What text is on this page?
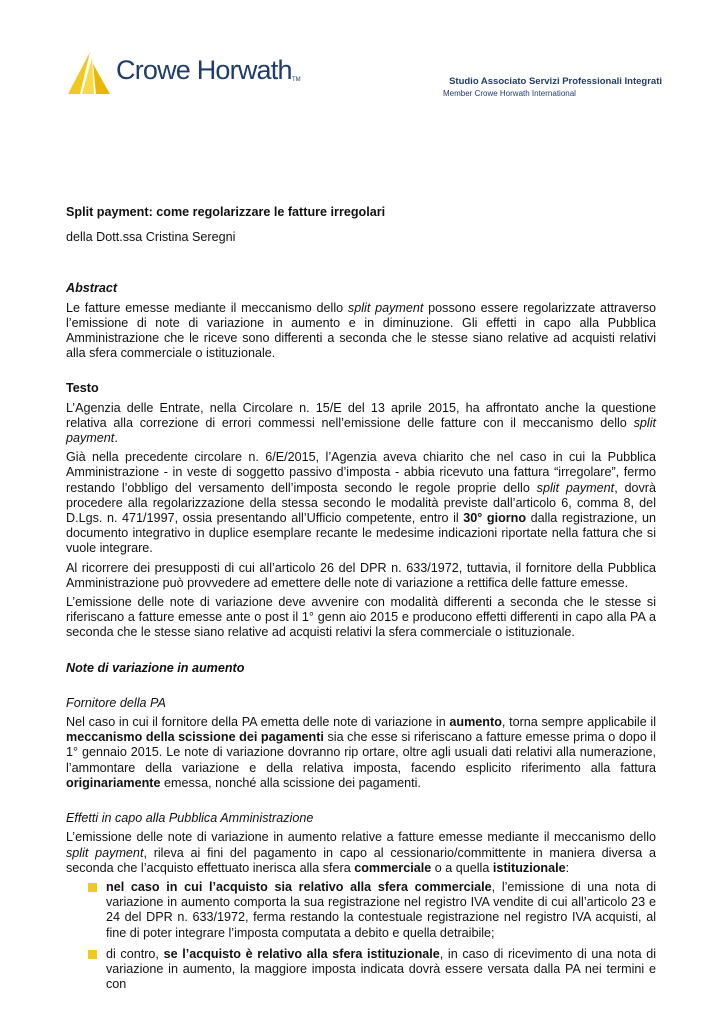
Crowe Horwath TM	Studio Associato Servizi Professionali Integrati
Member Crowe Horwath International

Split payment: come regolarizzare le fatture irregolari

della Dott.ssa Cristina Seregni

Abstract

Le fatture emesse mediante il meccanismo dello split payment possono essere regolarizzate attraverso l’emissione di note di variazione in aumento e in diminuzione. Gli effetti in capo alla Pubblica Amministrazione che le riceve sono differenti a seconda che le stesse siano relative ad acquisti relativi alla sfera commerciale o istituzionale.

Testo

L’Agenzia delle Entrate, nella Circolare n. 15/E del 13 aprile 2015, ha affrontato anche la questione relativa alla correzione di errori commessi nell’emissione delle fatture con il meccanismo dello split payment.

Già nella precedente circolare n. 6/E/2015, l’Agenzia aveva chiarito che nel caso in cui la Pubblica Amministrazione - in veste di soggetto passivo d’imposta - abbia ricevuto una fattura “irregolare”, fermo restando l’obbligo del versamento dell’imposta secondo le regole proprie dello split payment, dovrà procedere alla regolarizzazione della stessa secondo le modalità previste dall’articolo 6, comma 8, del D.Lgs. n. 471/1997, ossia presentando all’Ufficio competente, entro il 30° giorno dalla registrazione, un documento integrativo in duplice esemplare recante le medesime indicazioni riportate nella fattura che si vuole integrare.

Al ricorrere dei presupposti di cui all’articolo 26 del DPR n. 633/1972, tuttavia, il fornitore della Pubblica Amministrazione può provvedere ad emettere delle note di variazione a rettifica delle fatture emesse.

L’emissione delle note di variazione deve avvenire con modalità differenti a seconda che le stesse si riferiscano a fatture emesse ante o post il 1° genn aio 2015 e producono effetti differenti in capo alla PA a seconda che le stesse siano relative ad acquisti relativi la sfera commerciale o istituzionale.

Note di variazione in aumento

Fornitore della PA

Nel caso in cui il fornitore della PA emetta delle note di variazione in aumento, torna sempre applicabile il meccanismo della scissione dei pagamenti sia che esse si riferiscano a fatture emesse prima o dopo il 1° gennaio 2015. Le note di variazione dovranno rip ortare, oltre agli usuali dati relativi alla numerazione, l’ammontare della variazione e della relativa imposta, facendo esplicito riferimento alla fattura originariamente emessa, nonché alla scissione dei pagamenti.

Effetti in capo alla Pubblica Amministrazione

L’emissione delle note di variazione in aumento relative a fatture emesse mediante il meccanismo dello split payment, rileva ai fini del pagamento in capo al cessionario/committente in maniera diversa a seconda che l’acquisto effettuato inerisca alla sfera commerciale o a quella istituzionale:

nel caso in cui l’acquisto sia relativo alla sfera commerciale, l’emissione di una nota di variazione in aumento comporta la sua registrazione nel registro IVA vendite di cui all’articolo 23 e 24 del DPR n. 633/1972, ferma restando la contestuale registrazione nel registro IVA acquisti, al fine di poter integrare l’imposta computata a debito e quella detraibile;
di contro, se l’acquisto è relativo alla sfera istituzionale, in caso di ricevimento di una nota di variazione in aumento, la maggiore imposta indicata dovrà essere versata dalla PA nei termini e con
